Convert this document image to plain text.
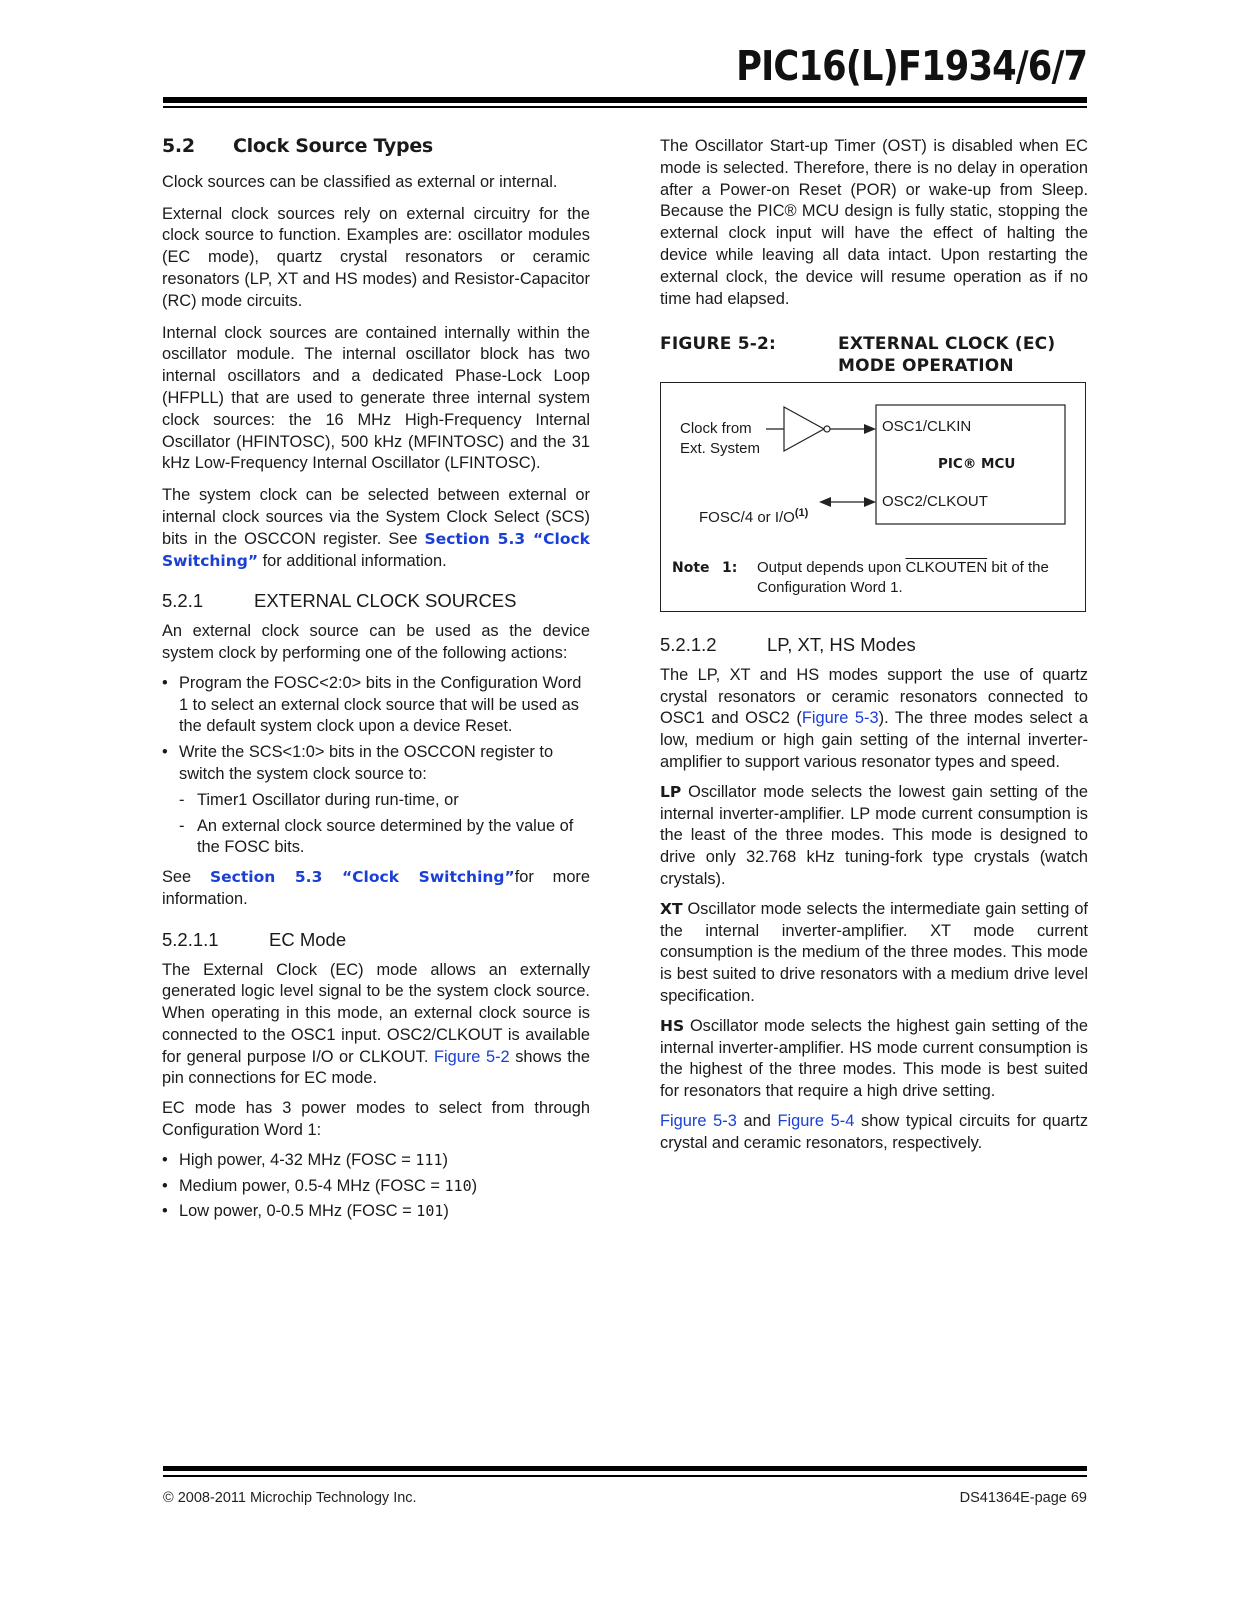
PIC16(L)F1934/6/7
5.2 Clock Source Types

Clock sources can be classified as external or internal.

External clock sources rely on external circuitry for the clock source to function. Examples are: oscillator modules (EC mode), quartz crystal resonators or ceramic resonators (LP, XT and HS modes) and Resistor-Capacitor (RC) mode circuits.

Internal clock sources are contained internally within the oscillator module. The internal oscillator block has two internal oscillators and a dedicated Phase-Lock Loop (HFPLL) that are used to generate three internal system clock sources: the 16 MHz High-Frequency Internal Oscillator (HFINTOSC), 500 kHz (MFINTOSC) and the 31 kHz Low-Frequency Internal Oscillator (LFINTOSC).

The system clock can be selected between external or internal clock sources via the System Clock Select (SCS) bits in the OSCCON register. See Section 5.3 “Clock Switching” for additional information.

5.2.1	EXTERNAL CLOCK SOURCES

An external clock source can be used as the device system clock by performing one of the following actions:

• Program the FOSC<2:0> bits in the Configuration Word 1 to select an external clock source that will be used as the default system clock upon a device Reset.
• Write the SCS<1:0> bits in the OSCCON register to switch the system clock source to:
- Timer1 Oscillator during run-time, or
- An external clock source determined by the value of the FOSC bits.

See Section 5.3 “Clock Switching”for more information.

5.2.1.1	EC Mode

The External Clock (EC) mode allows an externally generated logic level signal to be the system clock source. When operating in this mode, an external clock source is connected to the OSC1 input. OSC2/CLKOUT is available for general purpose I/O or CLKOUT. Figure 5-2 shows the pin connections for EC mode.

EC mode has 3 power modes to select from through Configuration Word 1:

• High power, 4-32 MHz (FOSC = 111)
• Medium power, 0.5-4 MHz (FOSC = 110)
• Low power, 0-0.5 MHz (FOSC = 101)

The Oscillator Start-up Timer (OST) is disabled when EC mode is selected. Therefore, there is no delay in operation after a Power-on Reset (POR) or wake-up from Sleep. Because the PIC® MCU design is fully static, stopping the external clock input will have the effect of halting the device while leaving all data intact. Upon restarting the external clock, the device will resume operation as if no time had elapsed.

FIGURE 5-2:	EXTERNAL CLOCK (EC)
MODE OPERATION
Clock from
Ext. System
OSC1/CLKIN
PIC® MCU
OSC2/CLKOUT
FOSC/4 or $I/O^{(1)}$
Note 1: Output depends upon CLKOUTEN bit of the Configuration Word 1.
5.2.1.2	LP, XT, HS Modes

The LP, XT and HS modes support the use of quartz crystal resonators or ceramic resonators connected to OSC1 and OSC2 (Figure 5-3). The three modes select a low, medium or high gain setting of the internal inverter-amplifier to support various resonator types and speed.

LP Oscillator mode selects the lowest gain setting of the internal inverter-amplifier. LP mode current consumption is the least of the three modes. This mode is designed to drive only 32.768 kHz tuning-fork type crystals (watch crystals).

XT Oscillator mode selects the intermediate gain setting of the internal inverter-amplifier. XT mode current consumption is the medium of the three modes. This mode is best suited to drive resonators with a medium drive level specification.

HS Oscillator mode selects the highest gain setting of the internal inverter-amplifier. HS mode current consumption is the highest of the three modes. This mode is best suited for resonators that require a high drive setting.

Figure 5-3 and Figure 5-4 show typical circuits for quartz crystal and ceramic resonators, respectively.

© 2008-2011 Microchip Technology Inc.	DS41364E-page 69
